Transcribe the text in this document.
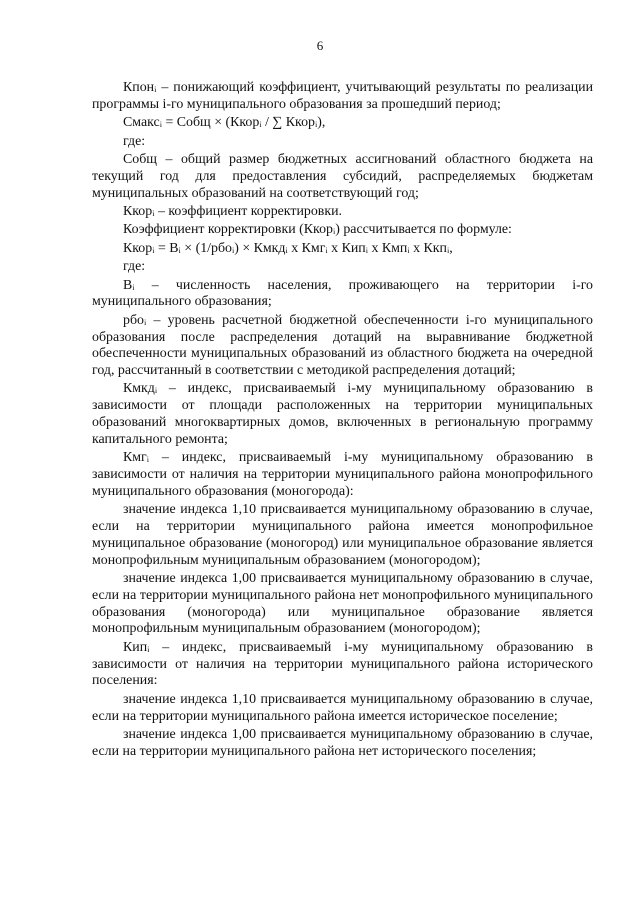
6

Кпонᵢ – понижающий коэффициент, учитывающий результаты по реализации программы i-го муниципального образования за прошедший период;

Смаксᵢ = Собщ × (Ккорᵢ / ∑ Ккорᵢ),

где:

Собщ – общий размер бюджетных ассигнований областного бюджета на текущий год для предоставления субсидий, распределяемых бюджетам муниципальных образований на соответствующий год;

Ккорᵢ – коэффициент корректировки.

Коэффициент корректировки (Ккорᵢ) рассчитывается по формуле:

Ккорᵢ = Вᵢ × (1/рбоᵢ) × Кмкдᵢ х Кмгᵢ х Кипᵢ х Кмпᵢ х Ккпᵢ,

где:

Вᵢ – численность населения, проживающего на территории i-го муниципального образования;

рбоᵢ – уровень расчетной бюджетной обеспеченности i-го муниципального образования после распределения дотаций на выравнивание бюджетной обеспеченности муниципальных образований из областного бюджета на очередной год, рассчитанный в соответствии с методикой распределения дотаций;

Кмкдᵢ – индекс, присваиваемый i-му муниципальному образованию в зависимости от площади расположенных на территории муниципальных образований многоквартирных домов, включенных в региональную программу капитального ремонта;

Кмгᵢ – индекс, присваиваемый i-му муниципальному образованию в зависимости от наличия на территории муниципального района монопрофильного муниципального образования (моногорода):

значение индекса 1,10 присваивается муниципальному образованию в случае, если на территории муниципального района имеется монопрофильное муниципальное образование (моногород) или муниципальное образование является монопрофильным муниципальным образованием (моногородом);

значение индекса 1,00 присваивается муниципальному образованию в случае, если на территории муниципального района нет монопрофильного муниципального образования (моногорода) или муниципальное образование является монопрофильным муниципальным образованием (моногородом);

Кипᵢ – индекс, присваиваемый i-му муниципальному образованию в зависимости от наличия на территории муниципального района исторического поселения:

значение индекса 1,10 присваивается муниципальному образованию в случае, если на территории муниципального района имеется историческое поселение;

значение индекса 1,00 присваивается муниципальному образованию в случае, если на территории муниципального района нет исторического поселения;
